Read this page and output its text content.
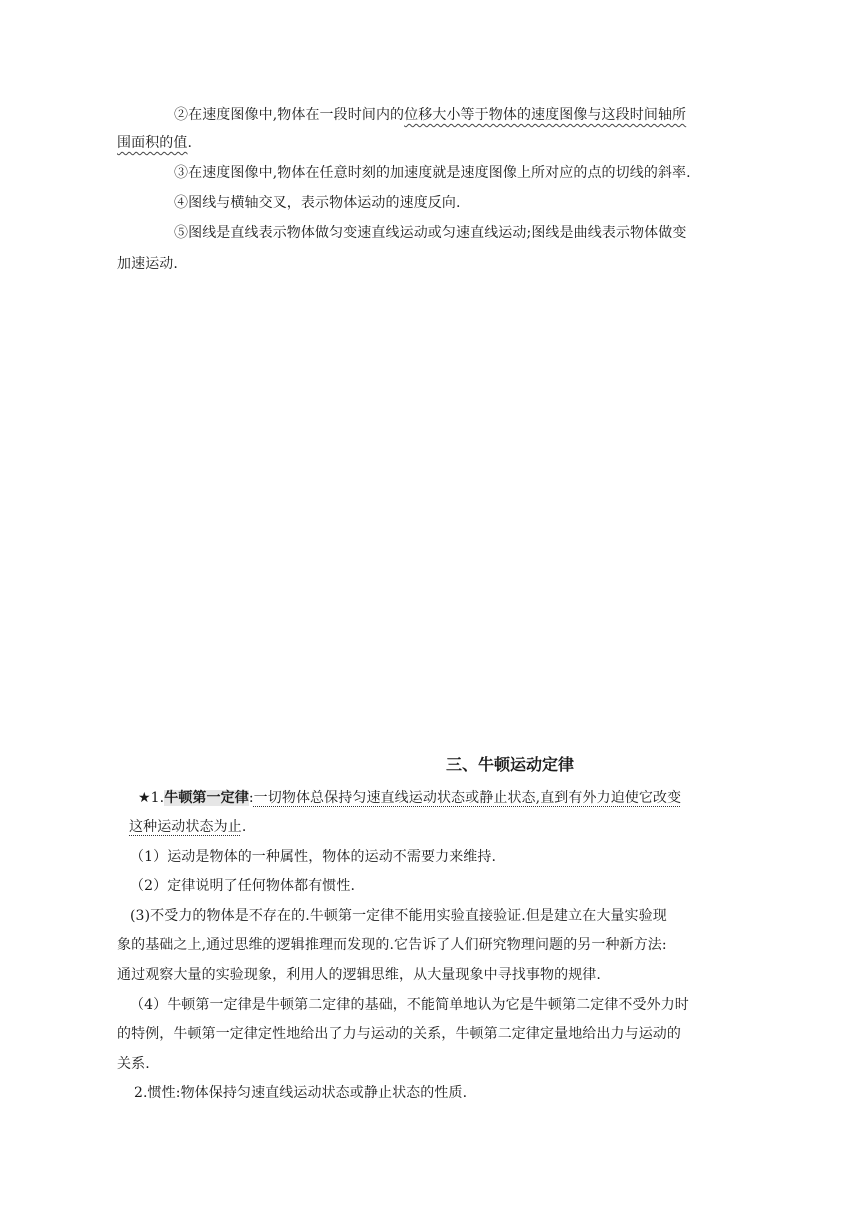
②在速度图像中,物体在一段时间内的位移大小等于物体的速度图像与这段时间轴所
围面积的值.
③在速度图像中,物体在任意时刻的加速度就是速度图像上所对应的点的切线的斜率.
④图线与横轴交叉，表示物体运动的速度反向.
⑤图线是直线表示物体做匀变速直线运动或匀速直线运动;图线是曲线表示物体做变
加速运动.
三、牛顿运动定律
★1.牛顿第一定律:一切物体总保持匀速直线运动状态或静止状态,直到有外力迫使它改变
这种运动状态为止.
（1）运动是物体的一种属性，物体的运动不需要力来维持.
（2）定律说明了任何物体都有惯性.
(3)不受力的物体是不存在的.牛顿第一定律不能用实验直接验证.但是建立在大量实验现
象的基础之上,通过思维的逻辑推理而发现的.它告诉了人们研究物理问题的另一种新方法:
通过观察大量的实验现象，利用人的逻辑思维，从大量现象中寻找事物的规律.
（4）牛顿第一定律是牛顿第二定律的基础，不能简单地认为它是牛顿第二定律不受外力时
的特例，牛顿第一定律定性地给出了力与运动的关系，牛顿第二定律定量地给出力与运动的
关系.
2.惯性:物体保持匀速直线运动状态或静止状态的性质.
